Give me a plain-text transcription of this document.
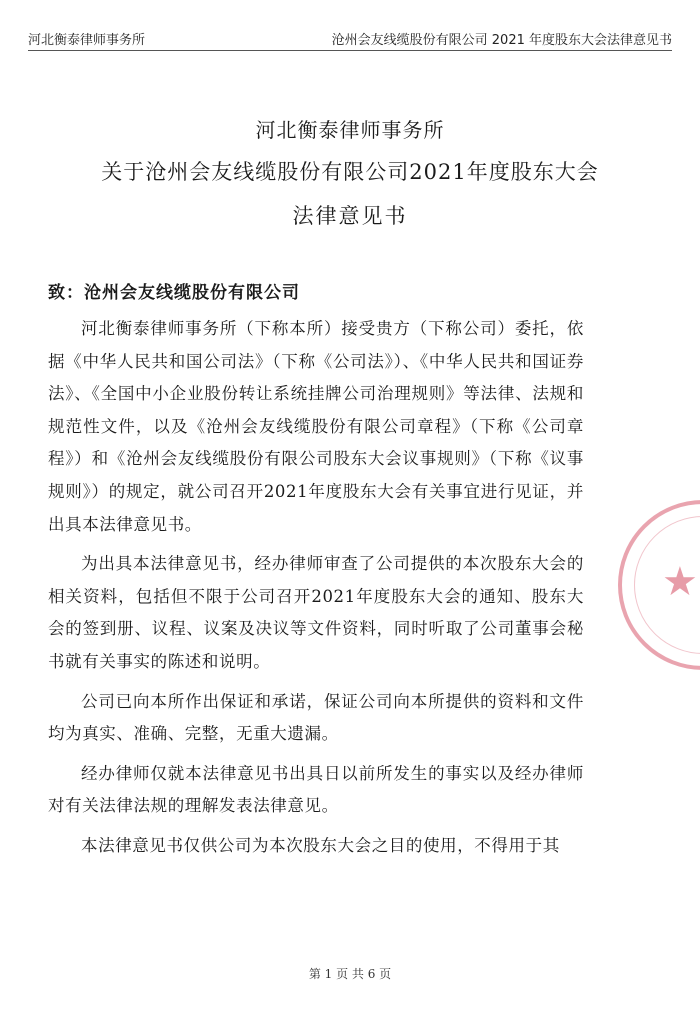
河北衡泰律师事务所	沧州会友线缆股份有限公司 2021 年度股东大会法律意见书
河北衡泰律师事务所
关于沧州会友线缆股份有限公司2021年度股东大会
法律意见书
致：沧州会友线缆股份有限公司

河北衡泰律师事务所（下称本所）接受贵方（下称公司）委托，依据《中华人民共和国公司法》（下称《公司法》）、《中华人民共和国证券法》、《全国中小企业股份转让系统挂牌公司治理规则》等法律、法规和规范性文件，以及《沧州会友线缆股份有限公司章程》（下称《公司章程》）和《沧州会友线缆股份有限公司股东大会议事规则》（下称《议事规则》）的规定，就公司召开2021年度股东大会有关事宜进行见证，并出具本法律意见书。

为出具本法律意见书，经办律师审查了公司提供的本次股东大会的相关资料，包括但不限于公司召开2021年度股东大会的通知、股东大会的签到册、议程、议案及决议等文件资料，同时听取了公司董事会秘书就有关事实的陈述和说明。

公司已向本所作出保证和承诺，保证公司向本所提供的资料和文件均为真实、准确、完整，无重大遗漏。

经办律师仅就本法律意见书出具日以前所发生的事实以及经办律师对有关法律法规的理解发表法律意见。

本法律意见书仅供公司为本次股东大会之目的使用，不得用于其

★
第 1 页 共 6 页
